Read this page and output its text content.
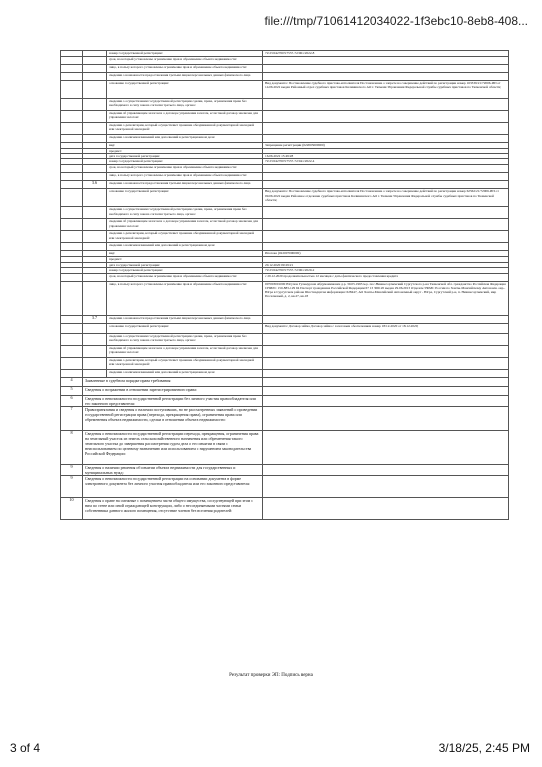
file:///tmp/71061412034022-1f3ebc10-8eb8-408...
		номер государственной регистрации:	72:23:0427003:7557-72/061/2022-8
		срок, на который установлены ограничение прав и обременение объекта недвижимости:	
		лицо, в пользу которого установлены ограничение прав и обременение объекта недвижимости:	
		сведения о возможности предоставления третьим лицам персональных данных физического лица	
		основание государственной регистрации:	Вид документа: Постановление судебного пристава-исполнителя Постановление о запрете на совершение действий по регистрации номер 163339/21/72006-ИП от 14.06.2022 выдан Районный отдел судебных приставов Калининского АО г. Тюмени Управления Федеральной службы судебных приставов по Тюменской области;
		сведения о осуществлении государственной регистрации сделки, права, ограничения права без необходимого в силу закона согласия третьего лица, органа:	
		сведения об управляющем залогом и о договоре управления залогом, если такой договор заключен для управления залогом:	
		сведения о депозитарии, который осуществляет хранение обездвиженной документарной закладной или электронной закладной:	
		сведения о наличии изменений или дополнений в регистрационном деле:	
		вид:	Запрещение регистрации (022003000000)
		предмет:	
		дата государственной регистрации:	16.06.2022 15:49:28
		номер государственной регистрации:	72:23:0427003:7557-72/041/2022-4
		срок, на который установлены ограничение прав и обременение объекта недвижимости:	
		лицо, в пользу которого установлены ограничение прав и обременение объекта недвижимости:	
	3.6	сведения о возможности предоставления третьим лицам персональных данных физического лица	
		основание государственной регистрации:	Вид документа: Постановление судебного пристава-исполнителя Постановление о запрете на совершение действий по регистрации номер 62562/21/72006-ИП от 09.06.2022 выдан Районное отделение судебных приставов Калининского АО г. Тюмени Управления Федеральной службы судебных приставов по Тюменской области;
		сведения о осуществлении государственной регистрации сделки, права, ограничения права без необходимого в силу закона согласия третьего лица, органа:	
		сведения об управляющем залогом и о договоре управления залогом, если такой договор заключен для управления залогом:	
		сведения о депозитарии, который осуществляет хранение обездвиженной документарной закладной или электронной закладной:	
		сведения о наличии изменений или дополнений в регистрационном деле:	
		вид:	Ипотека (022007000000)
		предмет:	
		дата государственной регистрации:	20.12.2020 09:29:21
		номер государственной регистрации:	72:23:0427003:7557-72/061/2020-2
		срок, на который установлены ограничение прав и обременение объекта недвижимости:	с 29.12.2020 продолжительностью 12 месяцев с даты фактического предоставления кредита
		лицо, в пользу которого установлены ограничение прав и обременение объекта недвижимости:	007003001000 Юсупов Гульмурзам Абдумаминович д.р. 30.05.1993 м.р. пос.Нижнесортымский Сургутского р-на Тюменской обл. гражданство Российская Федерация СНИЛС 150-883-129 94 Паспорт гражданина Российской Федерации 67 13 306120 выдан 29.06.2013 Отделом УФМС России по Ханты-Мансийскому Автономн. окр.-Югре в Сургутском районе Шестнадцатая информация: 628447, АО Ханты-Мансийский Автономный округ - Югра, Сургутский р-н, п. Нижнесортымский, мкр Поселковый, д. 2, кв.27, кв.18
	3.7	сведения о возможности предоставления третьим лицам персональных данных физического лица	
		основание государственной регистрации:	Вид документа: Договор займа Договор займа с залоговым обеспечением номер 18/12-2020 от 18.12.2020;
		сведения о осуществлении государственной регистрации сделки, права, ограничения права без необходимого в силу закона согласия третьего лица, органа:	
		сведения об управляющем залогом и о договоре управления залогом, если такой договор заключен для управления залогом:	
		сведения о депозитарии, который осуществляет хранение обездвиженной документарной закладной или электронной закладной:	
		сведения о наличии изменений или дополнений в регистрационном деле:	
4	Заявленные в судебном порядке права требования:		
5	Сведения о возражении в отношении зарегистрированного права:		
6	Сведения о невозможности государственной регистрации без личного участия правообладателя или его законного представителя:		
7	Правопритязания и сведения о наличии поступивших, но не рассмотренных заявлений о проведении государственной регистрации права (перехода, прекращения права), ограничения права или обременения объекта недвижимости, сделки в отношении объекта недвижимости:		
8	Сведения о невозможности государственной регистрации перехода, прекращения, ограничения права на земельный участок из земель сельскохозяйственного назначения или обременения такого земельного участка до завершения рассмотрения судом дела о его изъятии в связи с неиспользованием по целевому назначению или использованием с нарушением законодательства Российской Федерации:		
9	Сведения о наличии решения об изъятии объекта недвижимости для государственных и муниципальных нужд:		
9	Сведения о невозможности государственной регистрации на основании документа в форме электронного документа без личного участия правообладателя или его законного представителя:		
10	Сведения о праве на смежные с помещением части общего имущества, соседствующей при этом с ним по стене или иной ограждающей конструкции, либо о несоединяемыми частями семьи собственника данного жилого помещения, отсутствие членов без вселения родителей:		
Результат проверки ЭП: Подпись верна
3 of 4	3/18/25, 2:45 PM
